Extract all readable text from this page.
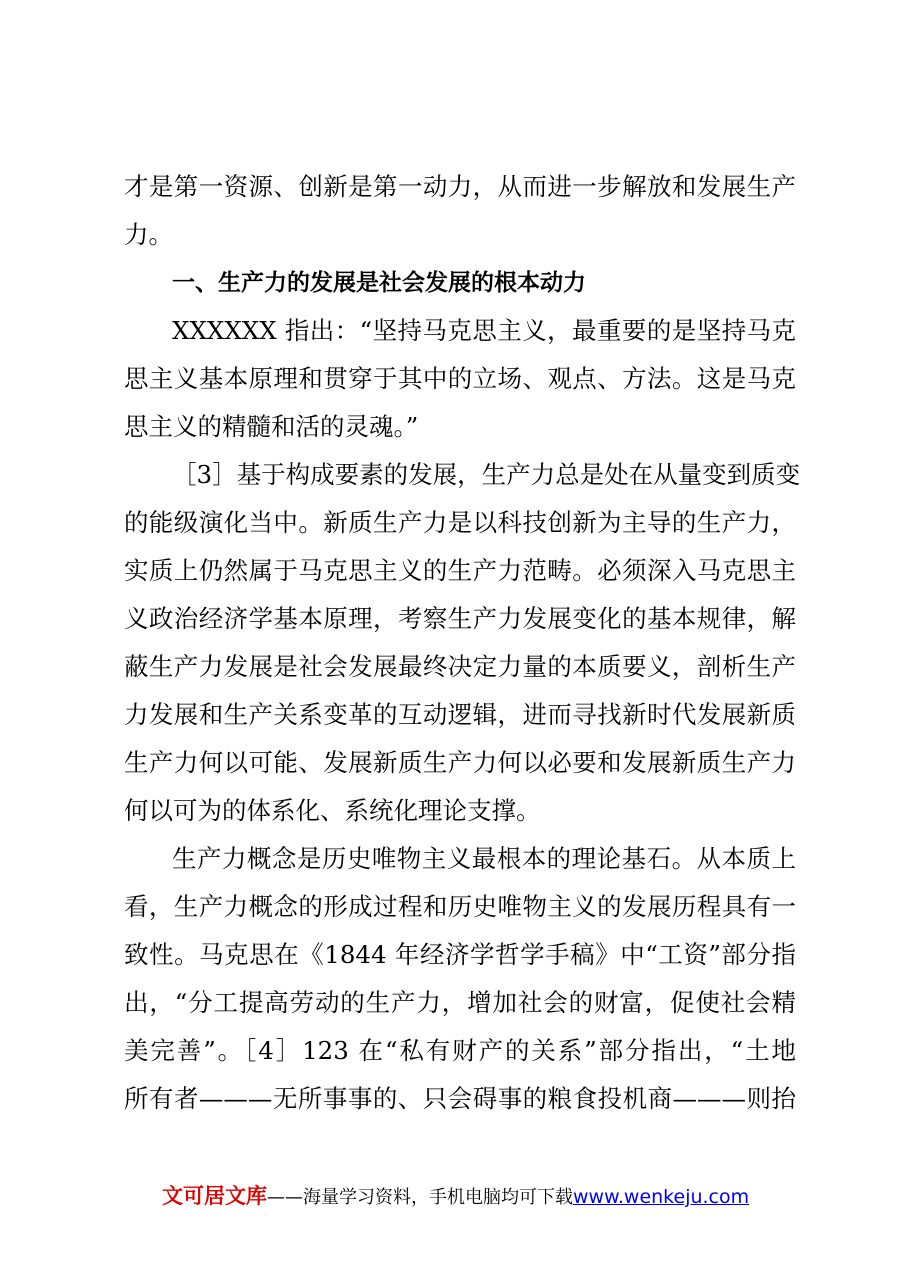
才是第一资源、创新是第一动力，从而进一步解放和发展生产
力。
一、生产力的发展是社会发展的根本动力
XXXXXX 指出：“坚持马克思主义，最重要的是坚持马克
思主义基本原理和贯穿于其中的立场、观点、方法。这是马克
思主义的精髓和活的灵魂。”
［3］基于构成要素的发展，生产力总是处在从量变到质变
的能级演化当中。新质生产力是以科技创新为主导的生产力，
实质上仍然属于马克思主义的生产力范畴。必须深入马克思主
义政治经济学基本原理，考察生产力发展变化的基本规律，解
蔽生产力发展是社会发展最终决定力量的本质要义，剖析生产
力发展和生产关系变革的互动逻辑，进而寻找新时代发展新质
生产力何以可能、发展新质生产力何以必要和发展新质生产力
何以可为的体系化、系统化理论支撑。
生产力概念是历史唯物主义最根本的理论基石。从本质上
看，生产力概念的形成过程和历史唯物主义的发展历程具有一
致性。马克思在《1844 年经济学哲学手稿》中“工资”部分指
出，“分工提高劳动的生产力，增加社会的财富，促使社会精
美完善”。［4］123 在“私有财产的关系”部分指出，“土地
所有者———无所事事的、只会碍事的粮食投机商———则抬
文可居文库——海量学习资料，手机电脑均可下载www.wenkeju.com
